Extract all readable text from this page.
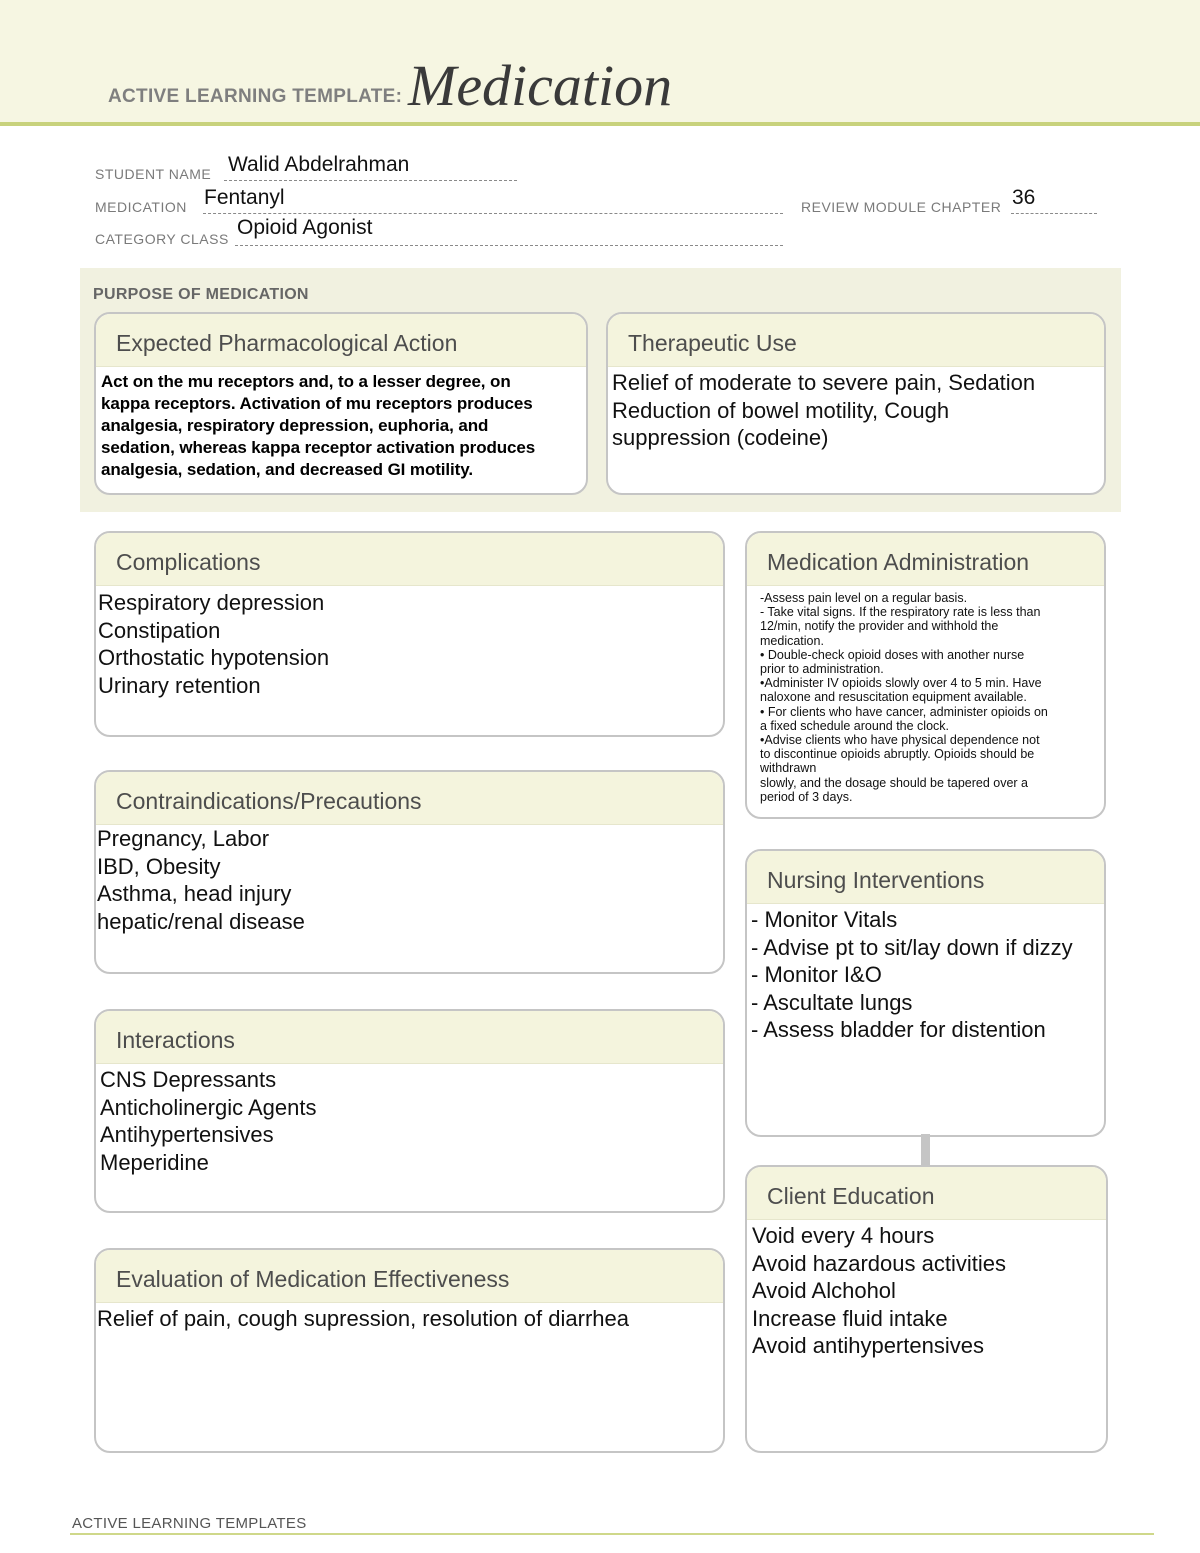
ACTIVE LEARNING TEMPLATE: Medication
STUDENT NAME Walid Abdelrahman
MEDICATION Fentanyl	REVIEW MODULE CHAPTER 36
CATEGORY CLASS Opioid Agonist
PURPOSE OF MEDICATION
Expected Pharmacological Action
Act on the mu receptors and, to a lesser degree, on
kappa receptors. Activation of mu receptors produces
analgesia, respiratory depression, euphoria, and
sedation, whereas kappa receptor activation produces
analgesia, sedation, and decreased GI motility.
Therapeutic Use
Relief of moderate to severe pain, Sedation
Reduction of bowel motility, Cough
suppression (codeine)
Complications
Respiratory depression
Constipation
Orthostatic hypotension
Urinary retention
Medication Administration
-Assess pain level on a regular basis.
- Take vital signs. If the respiratory rate is less than
12/min, notify the provider and withhold the
medication.
• Double-check opioid doses with another nurse
prior to administration.
•Administer IV opioids slowly over 4 to 5 min. Have
naloxone and resuscitation equipment available.
• For clients who have cancer, administer opioids on
a fixed schedule around the clock.
•Advise clients who have physical dependence not
to discontinue opioids abruptly. Opioids should be
withdrawn
slowly, and the dosage should be tapered over a
period of 3 days.
Contraindications/Precautions
Pregnancy, Labor
IBD, Obesity
Asthma, head injury
hepatic/renal disease
Nursing Interventions
- Monitor Vitals
- Advise pt to sit/lay down if dizzy
- Monitor I&O
- Ascultate lungs
- Assess bladder for distention
Interactions
CNS Depressants
Anticholinergic Agents
Antihypertensives
Meperidine
Client Education
Void every 4 hours
Avoid hazardous activities
Avoid Alchohol
Increase fluid intake
Avoid antihypertensives
Evaluation of Medication Effectiveness
Relief of pain, cough supression, resolution of diarrhea
ACTIVE LEARNING TEMPLATES
